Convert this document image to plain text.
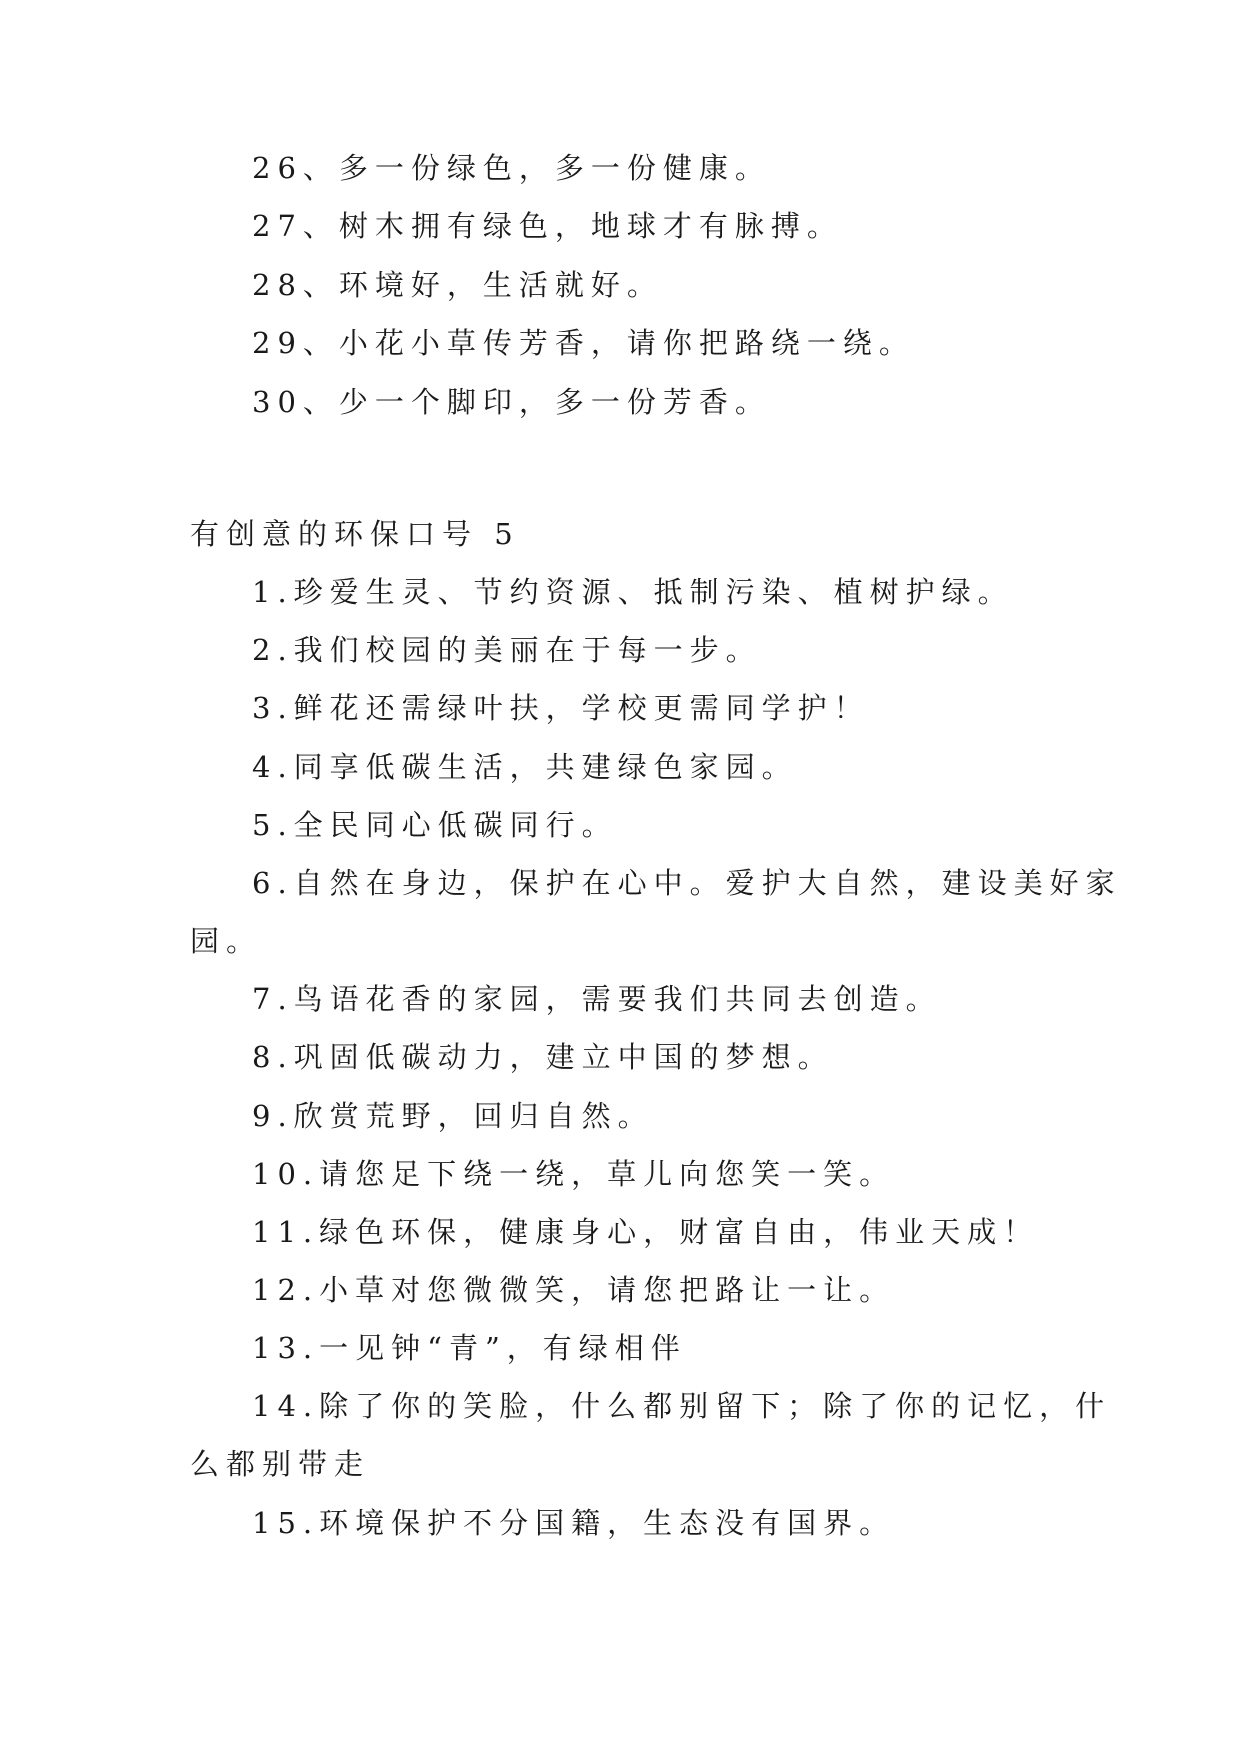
26、多一份绿色，多一份健康。
27、树木拥有绿色，地球才有脉搏。
28、环境好，生活就好。
29、小花小草传芳香，请你把路绕一绕。
30、少一个脚印，多一份芳香。
有创意的环保口号 5
1.珍爱生灵、节约资源、抵制污染、植树护绿。
2.我们校园的美丽在于每一步。
3.鲜花还需绿叶扶，学校更需同学护！
4.同享低碳生活，共建绿色家园。
5.全民同心低碳同行。
6.自然在身边，保护在心中。爱护大自然，建设美好家
园。
7.鸟语花香的家园，需要我们共同去创造。
8.巩固低碳动力，建立中国的梦想。
9.欣赏荒野，回归自然。
10.请您足下绕一绕，草儿向您笑一笑。
11.绿色环保，健康身心，财富自由，伟业天成！
12.小草对您微微笑，请您把路让一让。
13.一见钟“青”，有绿相伴
14.除了你的笑脸，什么都别留下；除了你的记忆，什
么都别带走
15.环境保护不分国籍，生态没有国界。
